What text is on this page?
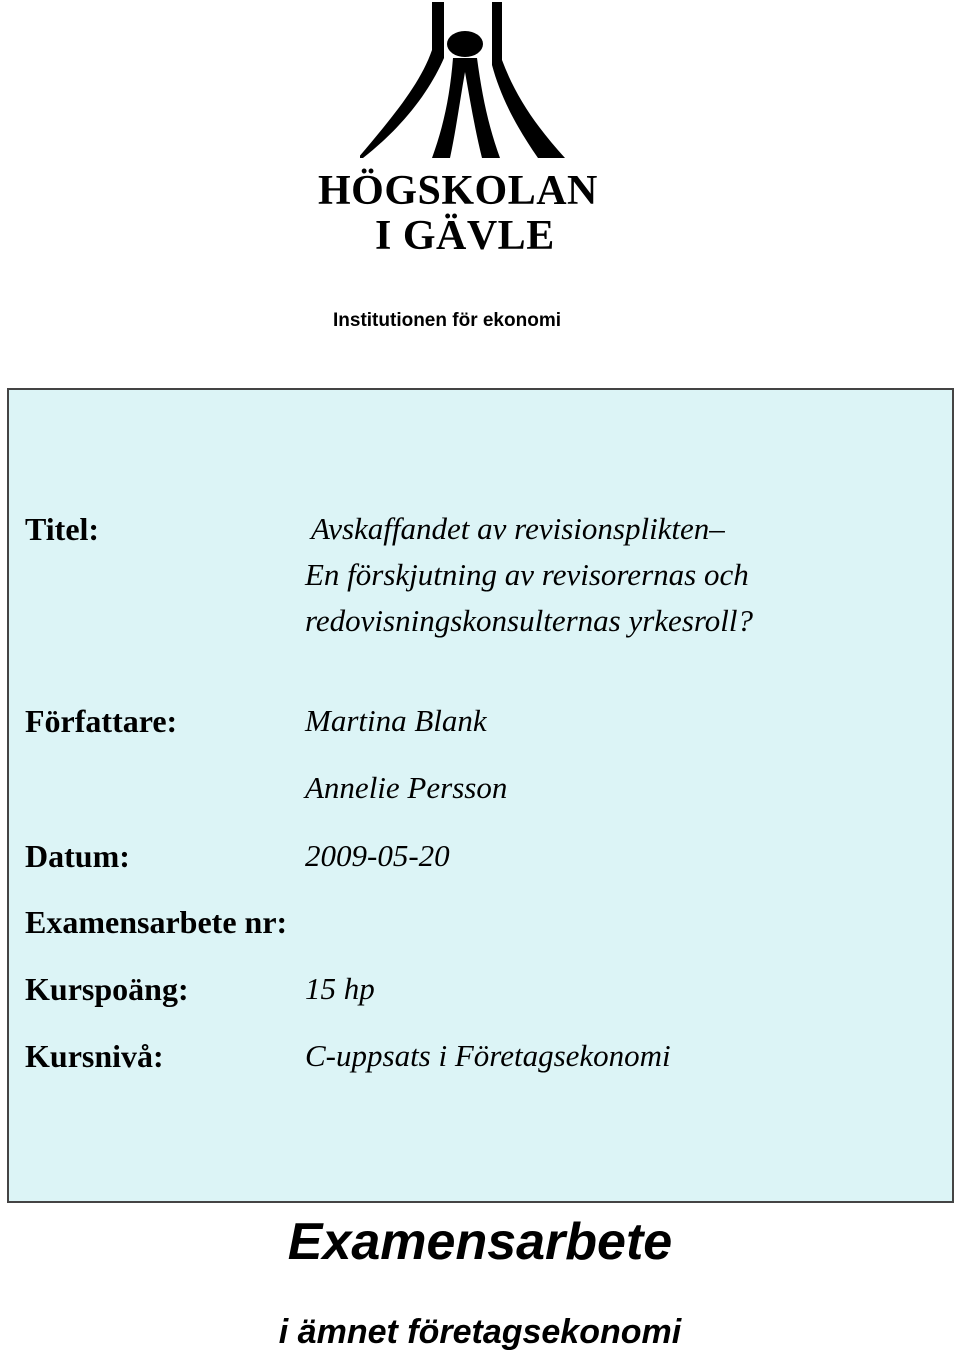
HÖGSKOLAN
I GÄVLE
Institutionen för ekonomi
Titel:	Avskaffandet av revisionsplikten–
En förskjutning av revisorernas och
redovisningskonsulternas yrkesroll?
Författare:	Martina Blank
Annelie Persson
Datum:	2009-05-20
Examensarbete nr:
Kurspoäng:	15 hp
Kursnivå:	C-uppsats i Företagsekonomi
Examensarbete
i ämnet företagsekonomi
